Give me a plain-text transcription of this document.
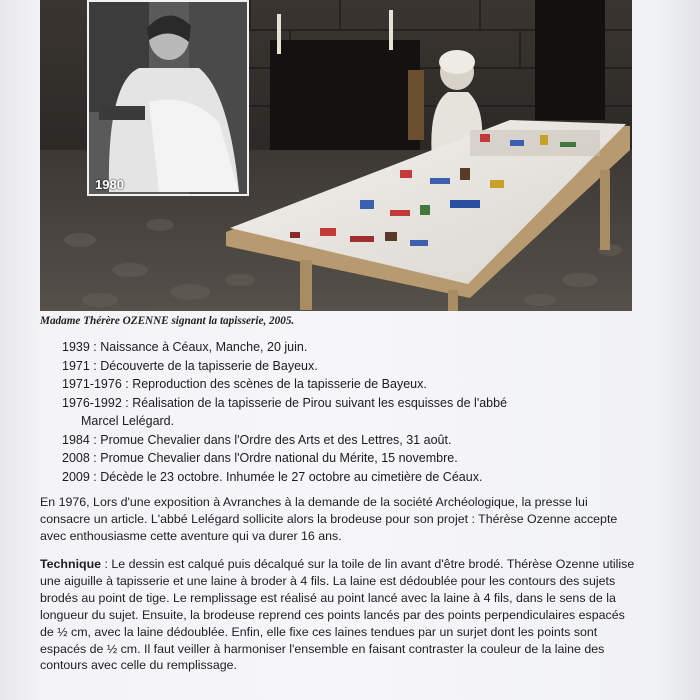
1980
Madame Thérère OZENNE signant la tapisserie, 2005.
1939 : Naissance à Céaux, Manche, 20 juin.
1971 : Découverte de la tapisserie de Bayeux.
1971-1976 : Reproduction des scènes de la tapisserie de Bayeux.
1976-1992 : Réalisation de la tapisserie de Pirou suivant les esquisses de l'abbé
Marcel Lelégard.
1984 : Promue Chevalier dans l'Ordre des Arts et des Lettres, 31 août.
2008 : Promue Chevalier dans l'Ordre national du Mérite, 15 novembre.
2009 : Décède le 23 octobre. Inhumée le 27 octobre au cimetière de Céaux.

En 1976, Lors d'une exposition à Avranches à la demande de la société Archéologique, la presse lui consacre un article. L'abbé Lelégard sollicite alors la brodeuse pour son projet : Thérèse Ozenne accepte avec enthousiasme cette aventure qui va durer 16 ans.

Technique : Le dessin est calqué puis décalqué sur la toile de lin avant d'être brodé. Thérèse Ozenne utilise une aiguille à tapisserie et une laine à broder à 4 fils. La laine est dédoublée pour les contours des sujets brodés au point de tige. Le remplissage est réalisé au point lancé avec la laine à 4 fils, dans le sens de la longueur du sujet. Ensuite, la brodeuse reprend ces points lancés par des points perpendiculaires espacés de ½ cm, avec la laine dédoublée. Enfin, elle fixe ces laines tendues par un surjet dont les points sont espacés de ½ cm. Il faut veiller à harmoniser l'ensemble en faisant contraster la couleur de la laine des contours avec celle du remplissage.
